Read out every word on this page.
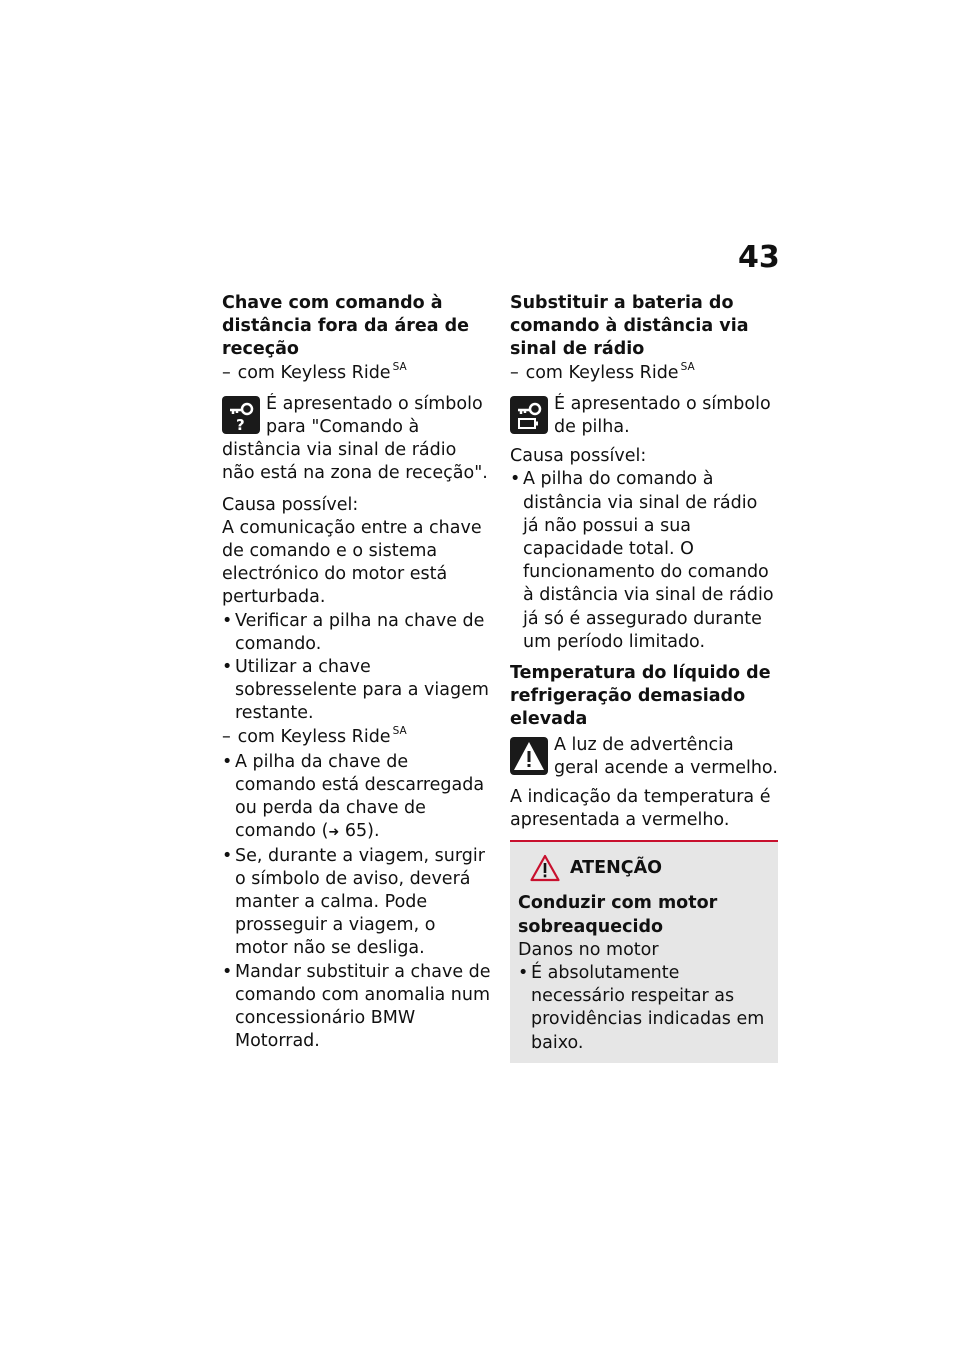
43

Chave com comando à distância fora da área de receção

– com Keyless Ride $^{SA}$

?
É apresentado o símbolo para "Comando à distância via sinal de rádio não está na zona de receção".

Causa possível:

A comunicação entre a chave de comando e o sistema electrónico do motor está perturbada.

• Verificar a pilha na chave de comando.
• Utilizar a chave sobresselente para a viagem restante.

– com Keyless Ride $^{SA}$

• A pilha da chave de comando está descarregada ou perda da chave de comando (➜ 65).
• Se, durante a viagem, surgir o símbolo de aviso, deverá manter a calma. Pode prosseguir a viagem, o motor não se desliga.
• Mandar substituir a chave de comando com anomalia num concessionário BMW Motorrad.

Substituir a bateria do comando à distância via sinal de rádio

– com Keyless Ride $^{SA}$

É apresentado o símbolo de pilha.

Causa possível:

• A pilha do comando à distância via sinal de rádio já não possui a sua capacidade total. O funcionamento do comando à distância via sinal de rádio já só é assegurado durante um período limitado.

Temperatura do líquido de refrigeração demasiado elevada

A luz de advertência geral acende a vermelho.

A indicação da temperatura é apresentada a vermelho.

ATENÇÃO

Conduzir com motor sobreaquecido

Danos no motor

• É absolutamente necessário respeitar as providências indicadas em baixo.
